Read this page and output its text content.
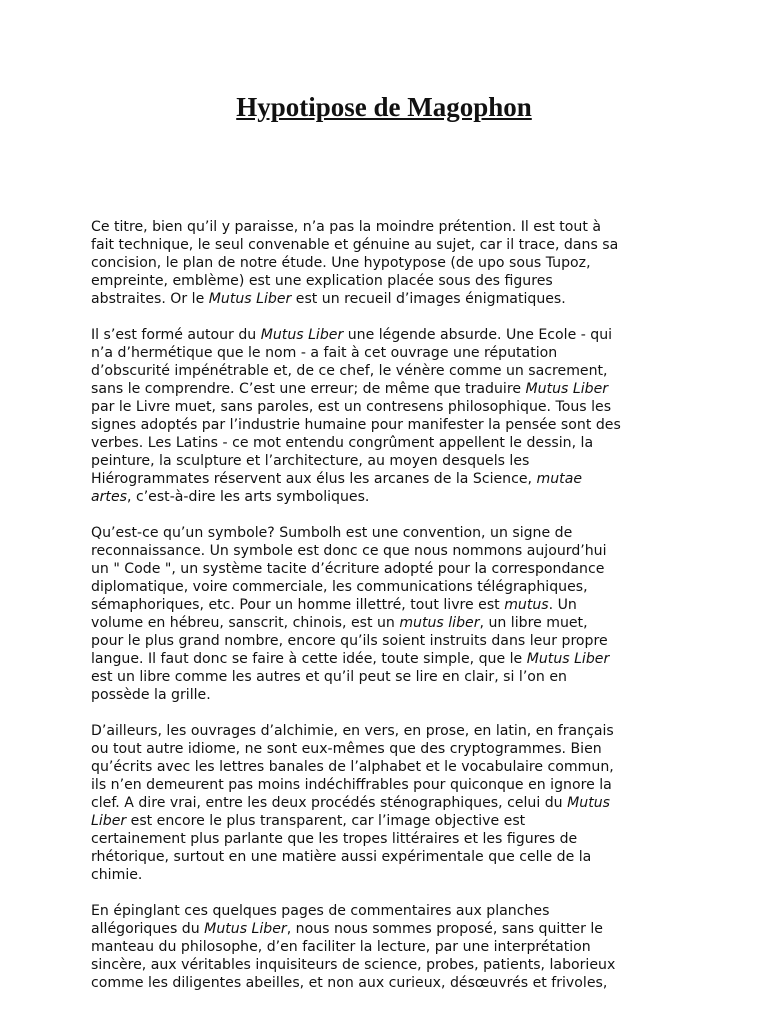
Hypotipose de Magophon

Ce titre, bien qu’il y paraisse, n’a pas la moindre prétention. Il est tout à
fait technique, le seul convenable et génuine au sujet, car il trace, dans sa
concision, le plan de notre étude. Une hypotypose (de upo sous Tupoz,
empreinte, emblème) est une explication placée sous des figures
abstraites. Or le Mutus Liber est un recueil d’images énigmatiques.

Il s’est formé autour du Mutus Liber une légende absurde. Une Ecole - qui
n’a d’hermétique que le nom - a fait à cet ouvrage une réputation
d’obscurité impénétrable et, de ce chef, le vénère comme un sacrement,
sans le comprendre. C’est une erreur; de même que traduire Mutus Liber
par le Livre muet, sans paroles, est un contresens philosophique. Tous les
signes adoptés par l’industrie humaine pour manifester la pensée sont des
verbes. Les Latins - ce mot entendu congrûment appellent le dessin, la
peinture, la sculpture et l’architecture, au moyen desquels les
Hiérogrammates réservent aux élus les arcanes de la Science, mutae
artes, c’est-à-dire les arts symboliques.

Qu’est-ce qu’un symbole? Sumbolh est une convention, un signe de
reconnaissance. Un symbole est donc ce que nous nommons aujourd’hui
un " Code ", un système tacite d’écriture adopté pour la correspondance
diplomatique, voire commerciale, les communications télégraphiques,
sémaphoriques, etc. Pour un homme illettré, tout livre est mutus. Un
volume en hébreu, sanscrit, chinois, est un mutus liber, un libre muet,
pour le plus grand nombre, encore qu’ils soient instruits dans leur propre
langue. Il faut donc se faire à cette idée, toute simple, que le Mutus Liber
est un libre comme les autres et qu’il peut se lire en clair, si l’on en
possède la grille.

D’ailleurs, les ouvrages d’alchimie, en vers, en prose, en latin, en français
ou tout autre idiome, ne sont eux-mêmes que des cryptogrammes. Bien
qu’écrits avec les lettres banales de l’alphabet et le vocabulaire commun,
ils n’en demeurent pas moins indéchiffrables pour quiconque en ignore la
clef. A dire vrai, entre les deux procédés sténographiques, celui du Mutus
Liber est encore le plus transparent, car l’image objective est
certainement plus parlante que les tropes littéraires et les figures de
rhétorique, surtout en une matière aussi expérimentale que celle de la
chimie.

En épinglant ces quelques pages de commentaires aux planches
allégoriques du Mutus Liber, nous nous sommes proposé, sans quitter le
manteau du philosophe, d’en faciliter la lecture, par une interprétation
sincère, aux véritables inquisiteurs de science, probes, patients, laborieux
comme les diligentes abeilles, et non aux curieux, désœuvrés et frivoles,
